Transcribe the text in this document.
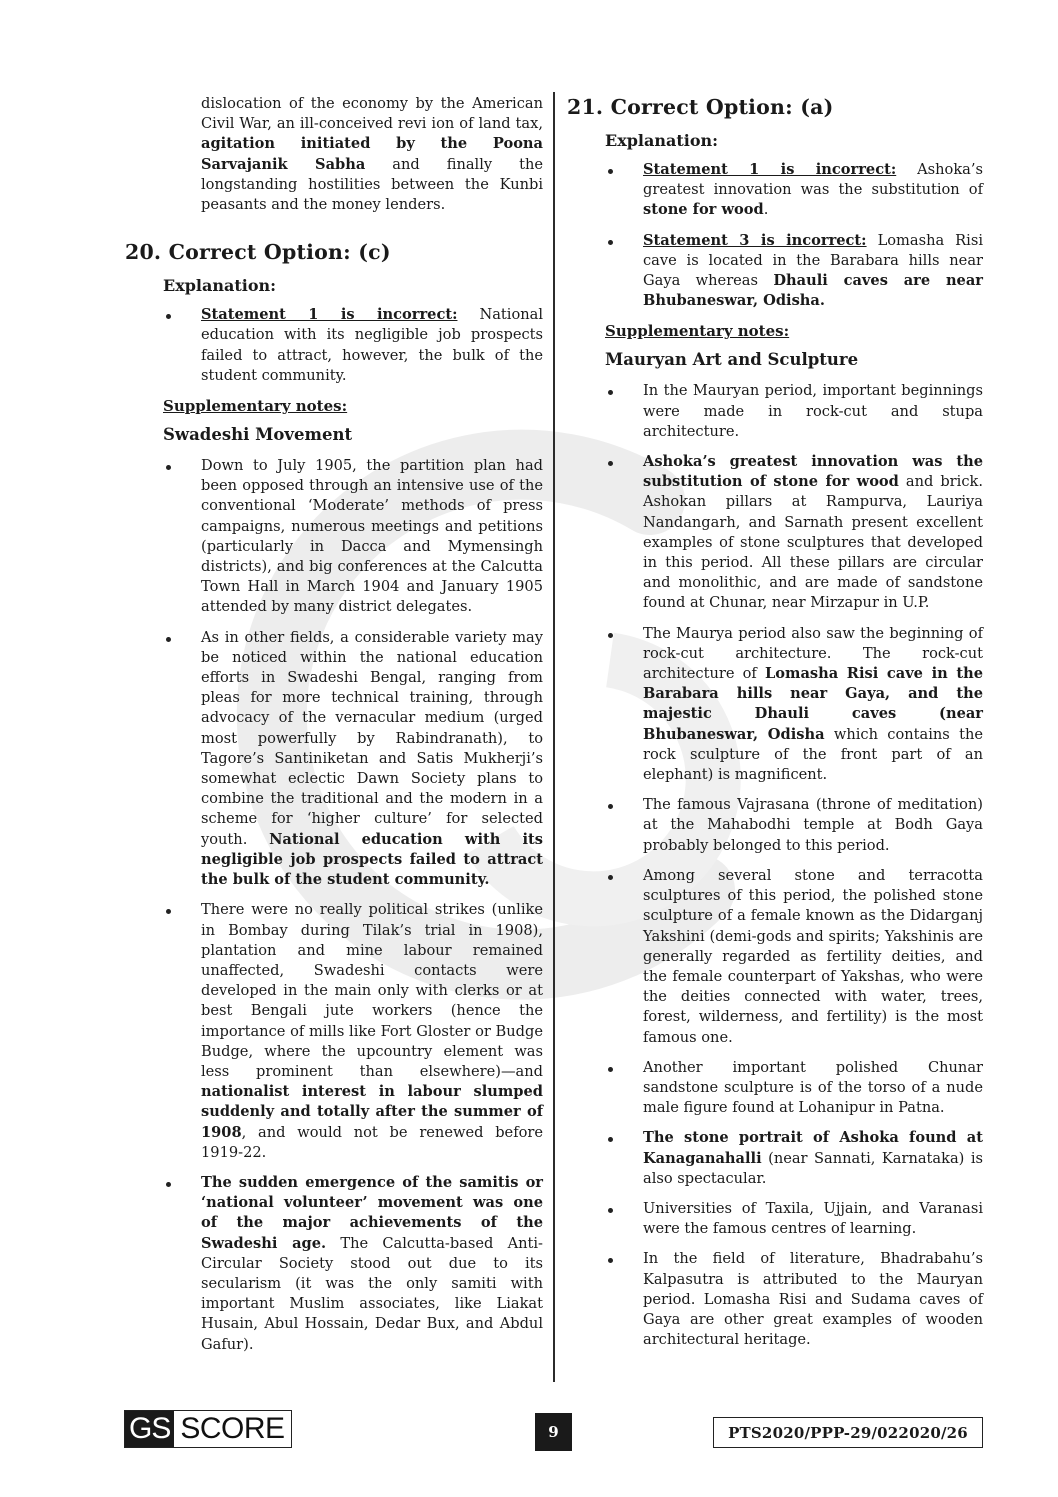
dislocation of the economy by the American Civil War, an ill-conceived revi ion of land tax, agitation initiated by the Poona Sarvajanik Sabha and finally the longstanding hostilities between the Kunbi peasants and the money lenders.

20. Correct Option: (c)
Explanation:
Statement 1 is incorrect: National education with its negligible job prospects failed to attract, however, the bulk of the student community.
Supplementary notes:
Swadeshi Movement
Down to July 1905, the partition plan had been opposed through an intensive use of the conventional ‘Moderate’ methods of press campaigns, numerous meetings and petitions (particularly in Dacca and Mymensingh districts), and big conferences at the Calcutta Town Hall in March 1904 and January 1905 attended by many district delegates.
As in other fields, a considerable variety may be noticed within the national education efforts in Swadeshi Bengal, ranging from pleas for more technical training, through advocacy of the vernacular medium (urged most powerfully by Rabindranath), to Tagore’s Santiniketan and Satis Mukherji’s somewhat eclectic Dawn Society plans to combine the traditional and the modern in a scheme for ‘higher culture’ for selected youth. National education with its negligible job prospects failed to attract the bulk of the student community.
There were no really political strikes (unlike in Bombay during Tilak’s trial in 1908), plantation and mine labour remained unaffected, Swadeshi contacts were developed in the main only with clerks or at best Bengali jute workers (hence the importance of mills like Fort Gloster or Budge Budge, where the upcountry element was less prominent than elsewhere)—and nationalist interest in labour slumped suddenly and totally after the summer of 1908, and would not be renewed before 1919-22.
The sudden emergence of the samitis or ‘national volunteer’ movement was one of the major achievements of the Swadeshi age. The Calcutta-based Anti-Circular Society stood out due to its secularism (it was the only samiti with important Muslim associates, like Liakat Husain, Abul Hossain, Dedar Bux, and Abdul Gafur).
21. Correct Option: (a)
Explanation:
Statement 1 is incorrect: Ashoka’s greatest innovation was the substitution of stone for wood.
Statement 3 is incorrect: Lomasha Risi cave is located in the Barabara hills near Gaya whereas Dhauli caves are near Bhubaneswar, Odisha.
Supplementary notes:
Mauryan Art and Sculpture
In the Mauryan period, important beginnings were made in rock-cut and stupa architecture.
Ashoka’s greatest innovation was the substitution of stone for wood and brick. Ashokan pillars at Rampurva, Lauriya Nandangarh, and Sarnath present excellent examples of stone sculptures that developed in this period. All these pillars are circular and monolithic, and are made of sandstone found at Chunar, near Mirzapur in U.P.
The Maurya period also saw the beginning of rock-cut architecture. The rock-cut architecture of Lomasha Risi cave in the Barabara hills near Gaya, and the majestic Dhauli caves (near Bhubaneswar, Odisha which contains the rock sculpture of the front part of an elephant) is magnificent.
The famous Vajrasana (throne of meditation) at the Mahabodhi temple at Bodh Gaya probably belonged to this period.
Among several stone and terracotta sculptures of this period, the polished stone sculpture of a female known as the Didarganj Yakshini (demi-gods and spirits; Yakshinis are generally regarded as fertility deities, and the female counterpart of Yakshas, who were the deities connected with water, trees, forest, wilderness, and fertility) is the most famous one.
Another important polished Chunar sandstone sculpture is of the torso of a nude male figure found at Lohanipur in Patna.
The stone portrait of Ashoka found at Kanaganahalli (near Sannati, Karnataka) is also spectacular.
Universities of Taxila, Ujjain, and Varanasi were the famous centres of learning.
In the field of literature, Bhadrabahu’s Kalpasutra is attributed to the Mauryan period. Lomasha Risi and Sudama caves of Gaya are other great examples of wooden architectural heritage.
GS SCORE	9	PTS2020/PPP-29/022020/26
